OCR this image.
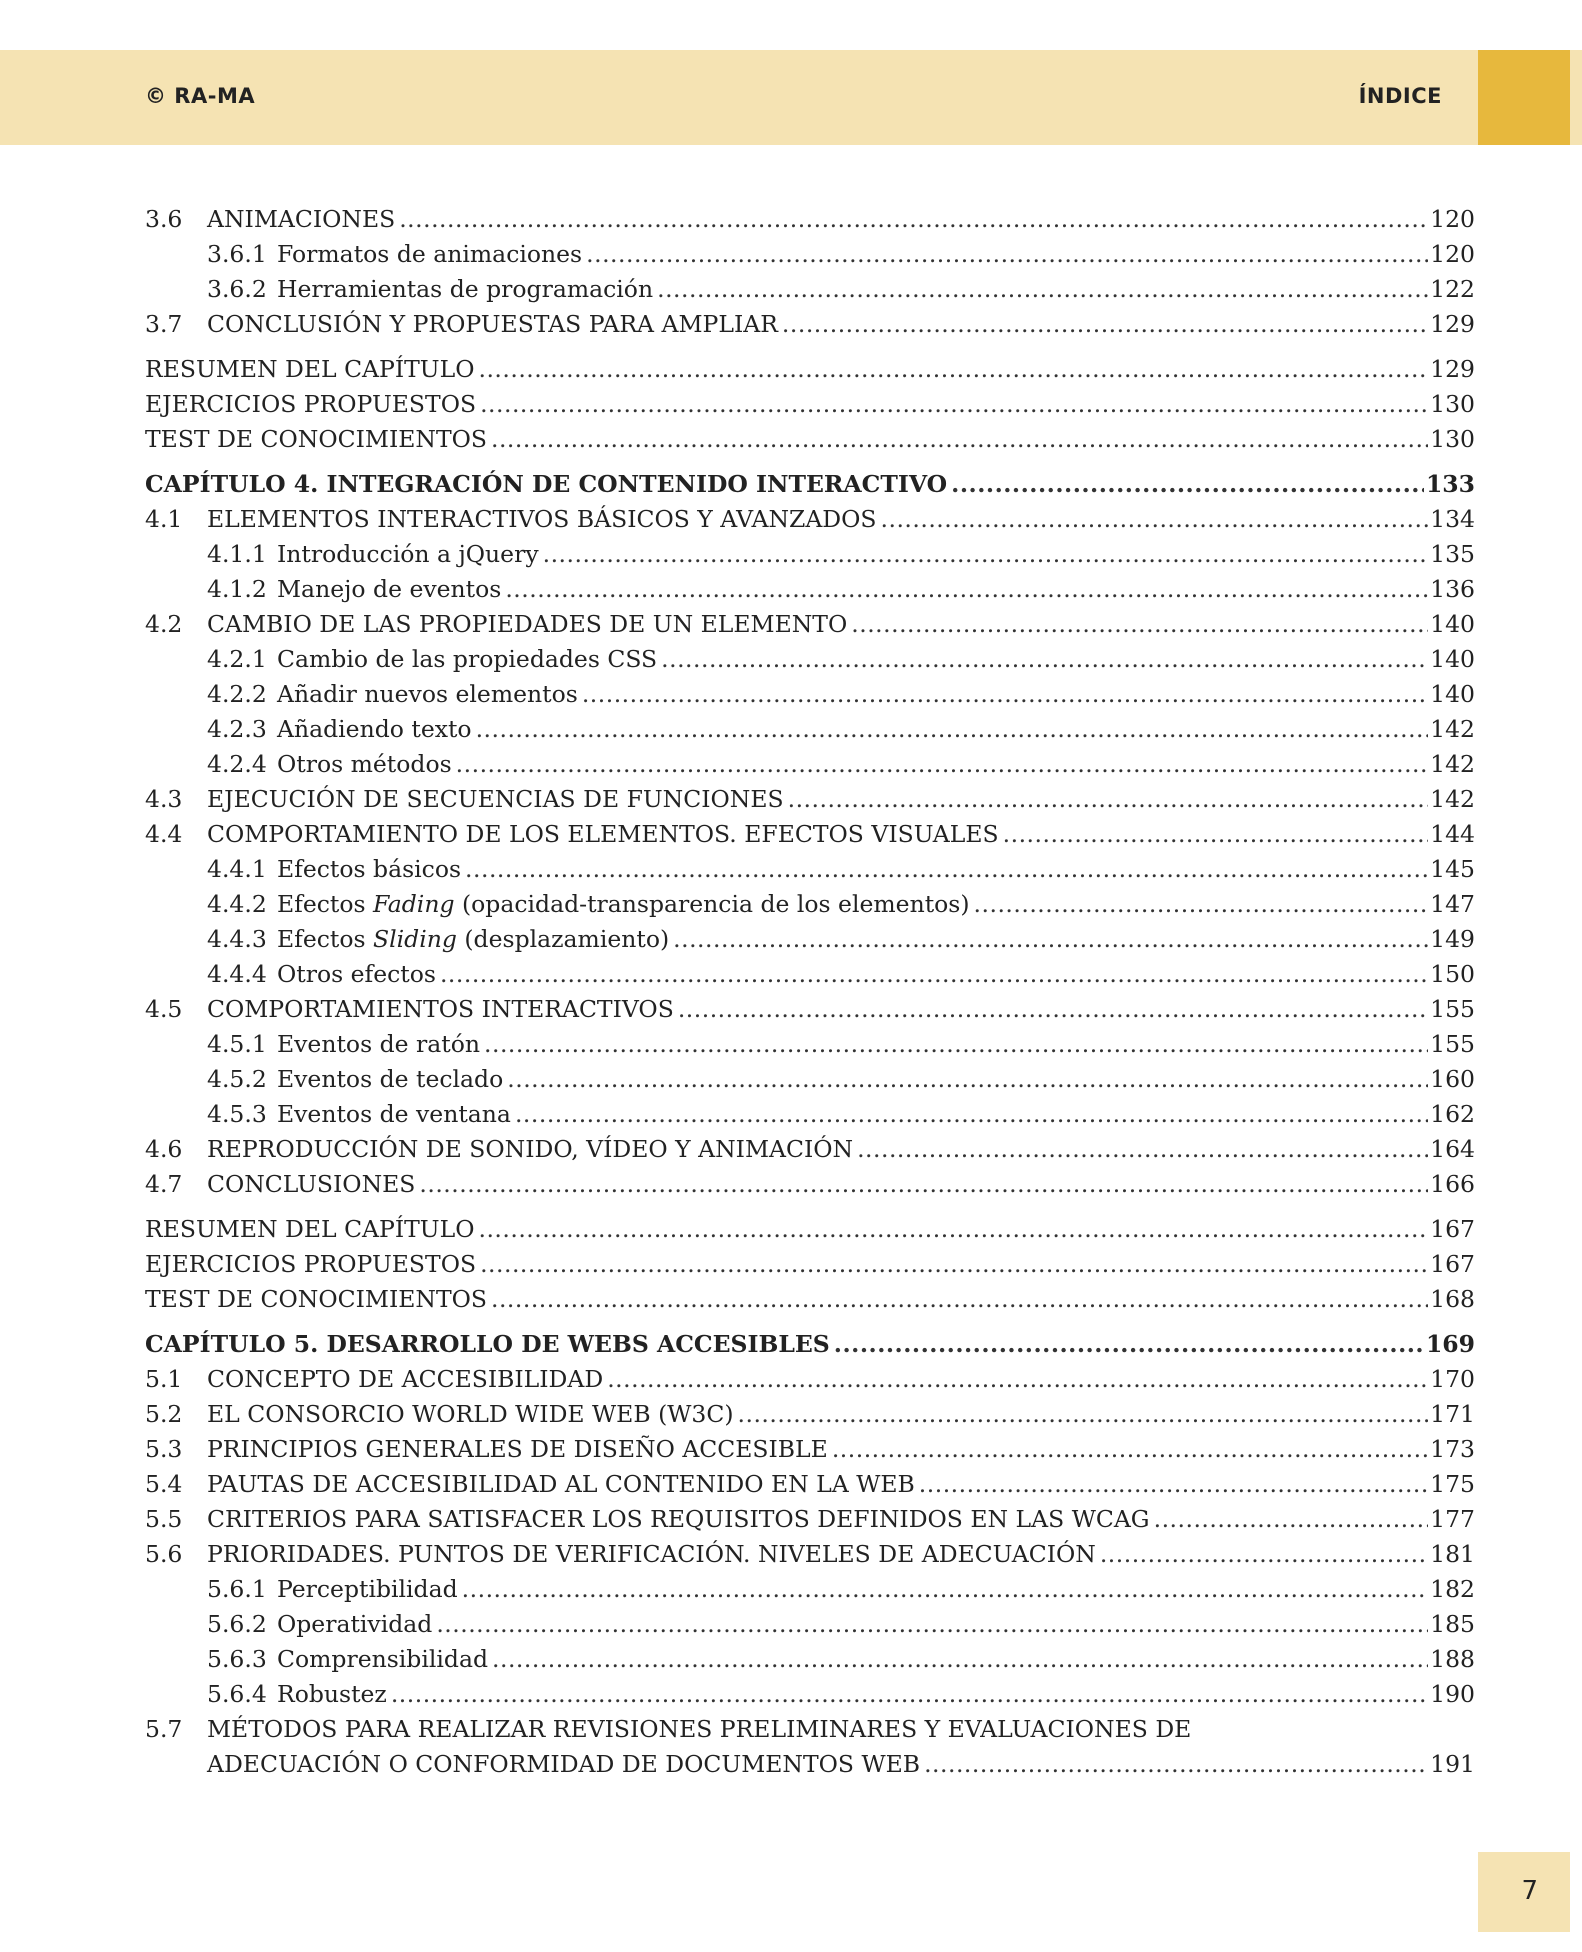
© RA-MA	ÍNDICE
3.6	ANIMACIONES .....	120
3.6.1 Formatos de animaciones .....	120
3.6.2 Herramientas de programación .....	122
3.7	CONCLUSIÓN Y PROPUESTAS PARA AMPLIAR .....	129
RESUMEN DEL CAPÍTULO .....	129
EJERCICIOS PROPUESTOS .....	130
TEST DE CONOCIMIENTOS .....	130
CAPÍTULO 4. INTEGRACIÓN DE CONTENIDO INTERACTIVO .....	133
4.1	ELEMENTOS INTERACTIVOS BÁSICOS Y AVANZADOS .....	134
4.1.1 Introducción a jQuery .....	135
4.1.2 Manejo de eventos .....	136
4.2	CAMBIO DE LAS PROPIEDADES DE UN ELEMENTO .....	140
4.2.1 Cambio de las propiedades CSS .....	140
4.2.2 Añadir nuevos elementos .....	140
4.2.3 Añadiendo texto .....	142
4.2.4 Otros métodos .....	142
4.3	EJECUCIÓN DE SECUENCIAS DE FUNCIONES .....	142
4.4	COMPORTAMIENTO DE LOS ELEMENTOS. EFECTOS VISUALES .....	144
4.4.1 Efectos básicos .....	145
4.4.2 Efectos Fading (opacidad-transparencia de los elementos) .....	147
4.4.3 Efectos Sliding (desplazamiento) .....	149
4.4.4 Otros efectos .....	150
4.5	COMPORTAMIENTOS INTERACTIVOS .....	155
4.5.1 Eventos de ratón .....	155
4.5.2 Eventos de teclado .....	160
4.5.3 Eventos de ventana .....	162
4.6	REPRODUCCIÓN DE SONIDO, VÍDEO Y ANIMACIÓN .....	164
4.7	CONCLUSIONES .....	166
RESUMEN DEL CAPÍTULO .....	167
EJERCICIOS PROPUESTOS .....	167
TEST DE CONOCIMIENTOS .....	168
CAPÍTULO 5. DESARROLLO DE WEBS ACCESIBLES .....	169
5.1	CONCEPTO DE ACCESIBILIDAD .....	170
5.2	EL CONSORCIO WORLD WIDE WEB (W3C) .....	171
5.3	PRINCIPIOS GENERALES DE DISEÑO ACCESIBLE .....	173
5.4	PAUTAS DE ACCESIBILIDAD AL CONTENIDO EN LA WEB .....	175
5.5	CRITERIOS PARA SATISFACER LOS REQUISITOS DEFINIDOS EN LAS WCAG .....	177
5.6	PRIORIDADES. PUNTOS DE VERIFICACIÓN. NIVELES DE ADECUACIÓN .....	181
5.6.1 Perceptibilidad .....	182
5.6.2 Operatividad .....	185
5.6.3 Comprensibilidad .....	188
5.6.4 Robustez .....	190
5.7	MÉTODOS PARA REALIZAR REVISIONES PRELIMINARES Y EVALUACIONES DE
ADECUACIÓN O CONFORMIDAD DE DOCUMENTOS WEB .....	191
7
